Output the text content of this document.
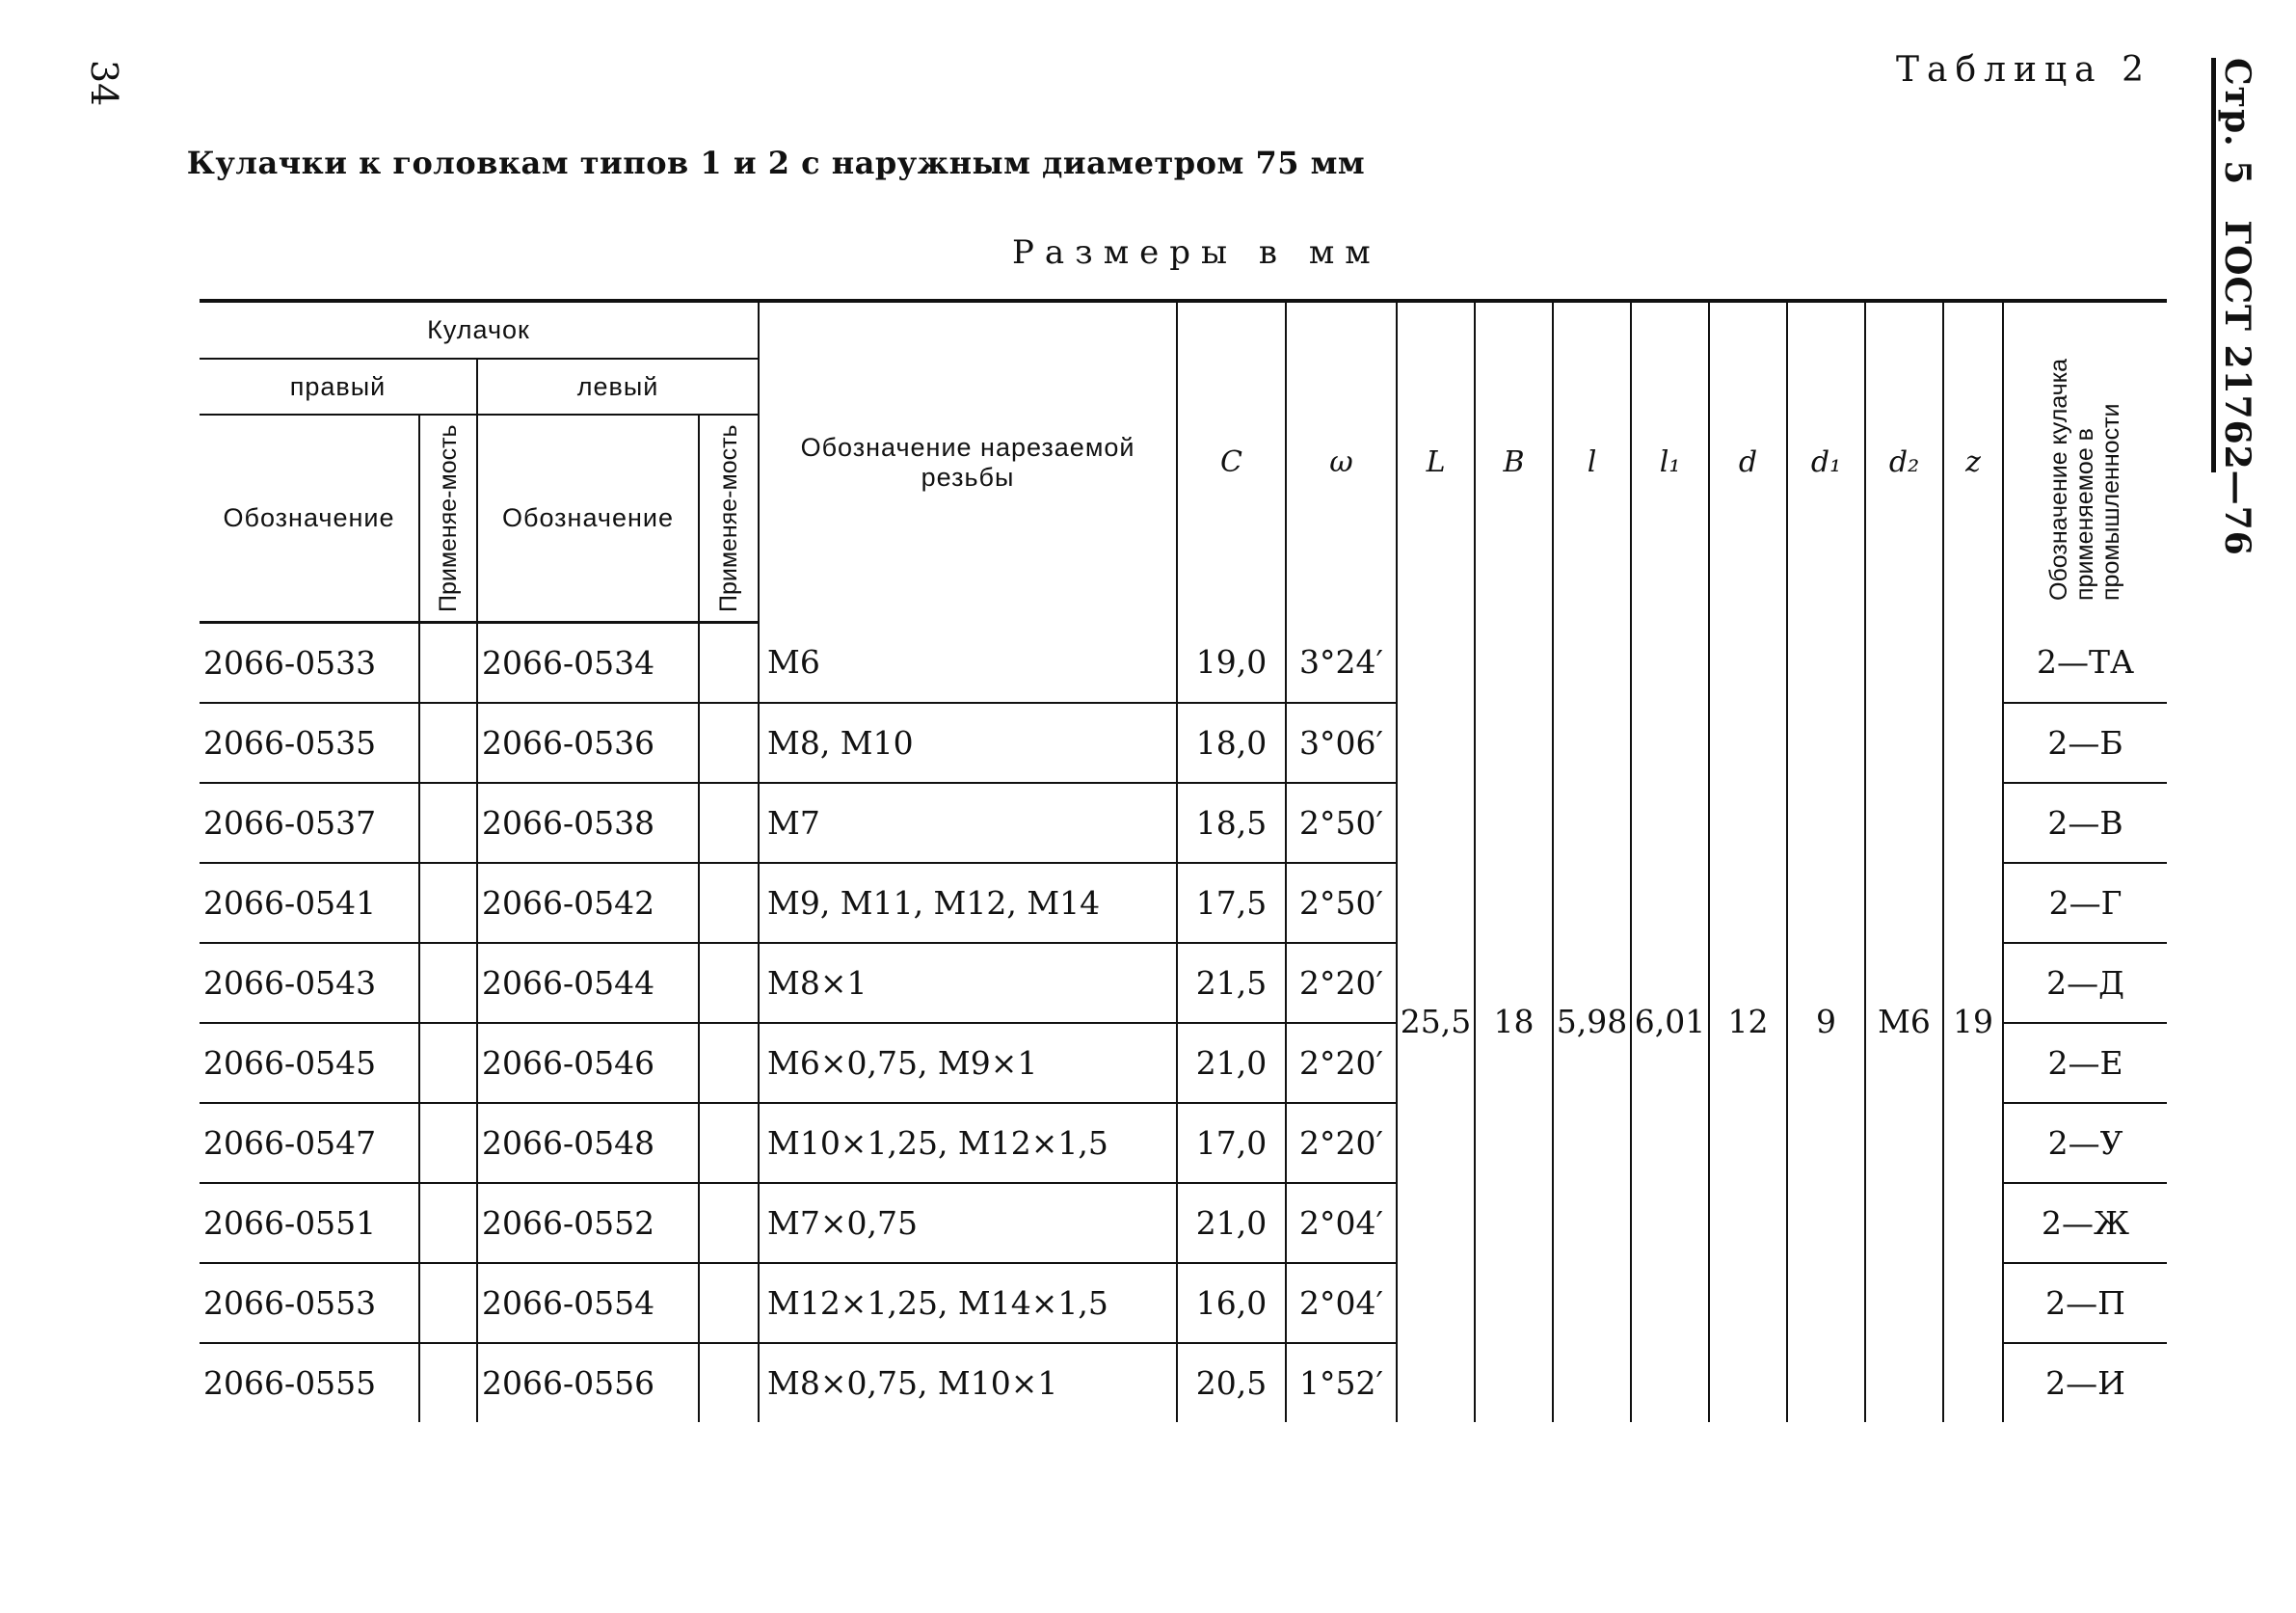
34	Таблица 2
Кулачки к головкам типов 1 и 2 с наружным диаметром 75 мм
Размеры в мм
Стр. 5ГОСТ 21762—76
Кулачок				Обозначение нарезаемой резьбы	C	ω	L	B	l	l₁	d	d₁	d₂	z	Обозначение кулачка применяемое в промышленности
правый		левый													
Обозначение	Применяе-мость	Обозначение	Применяе-мость												
2066-0533		2066-0534		M6	19,0	3°24′	25,5	18	5,98	6,01	12	9	M6	19	2—ТА
2066-0535		2066-0536		M8, M10	18,0	3°06′									2—Б
2066-0537		2066-0538		M7	18,5	2°50′									2—В
2066-0541		2066-0542		M9, M11, M12, M14	17,5	2°50′									2—Г
2066-0543		2066-0544		M8×1	21,5	2°20′									2—Д
2066-0545		2066-0546		M6×0,75, M9×1	21,0	2°20′									2—Е
2066-0547		2066-0548		M10×1,25, M12×1,5	17,0	2°20′									2—У
2066-0551		2066-0552		M7×0,75	21,0	2°04′									2—Ж
2066-0553		2066-0554		M12×1,25, M14×1,5	16,0	2°04′									2—П
2066-0555		2066-0556		M8×0,75, M10×1	20,5	1°52′									2—И
